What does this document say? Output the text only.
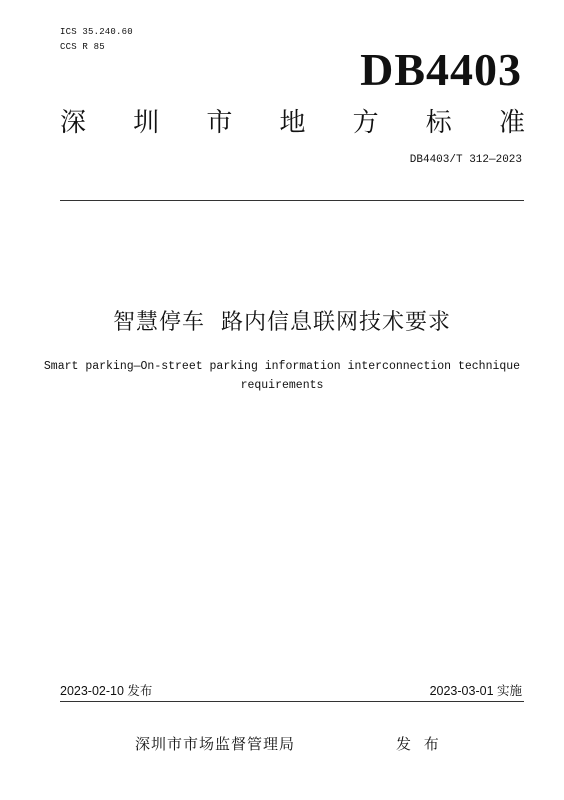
ICS 35.240.60
CCS R 85	DB4403
深 圳 市 地 方 标 准
DB4403/T 312—2023
智慧停车  路内信息联网技术要求
Smart parking—On-street parking information interconnection technique
requirements
2023-02-10 发布	2023-03-01 实施
深圳市市场监督管理局	发 布
